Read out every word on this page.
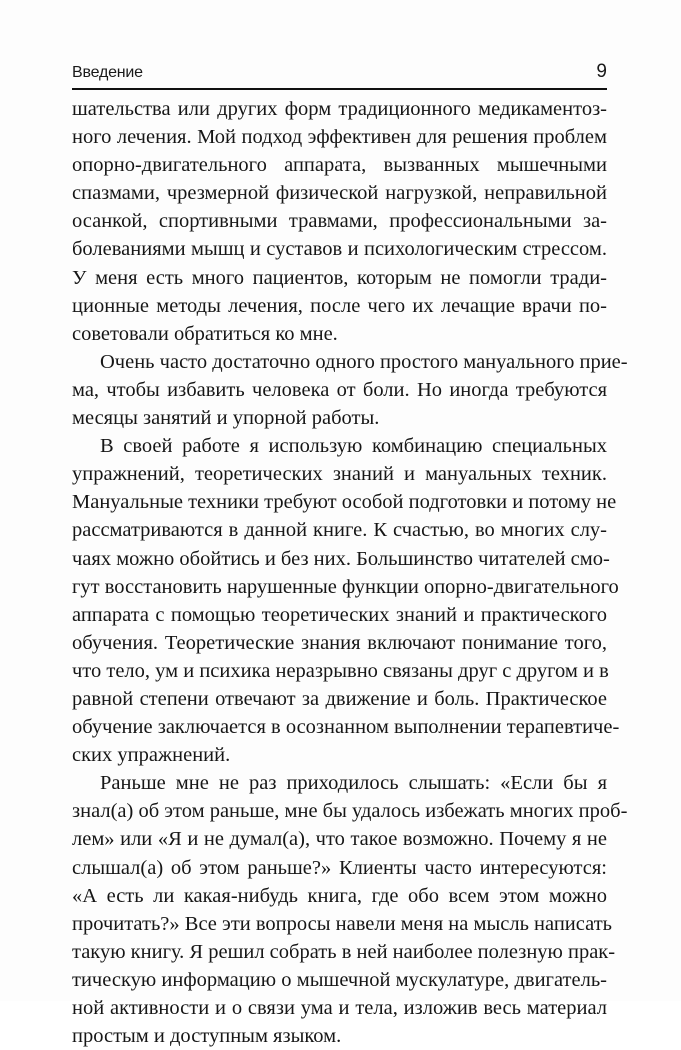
Введение	9
шательства или других форм традиционного медикаментоз-
ного лечения. Мой подход эффективен для решения проблем
опорно-двигательного аппарата, вызванных мышечными
спазмами, чрезмерной физической нагрузкой, неправильной
осанкой, спортивными травмами, профессиональными за-
болеваниями мышц и суставов и психологическим стрессом.
У меня есть много пациентов, которым не помогли тради-
ционные методы лечения, после чего их лечащие врачи по-
советовали обратиться ко мне.
Очень часто достаточно одного простого мануального прие-
ма, чтобы избавить человека от боли. Но иногда требуются
месяцы занятий и упорной работы.
В своей работе я использую комбинацию специальных
упражнений, теоретических знаний и мануальных техник.
Мануальные техники требуют особой подготовки и потому не
рассматриваются в данной книге. К счастью, во многих слу-
чаях можно обойтись и без них. Большинство читателей смо-
гут восстановить нарушенные функции опорно-двигательного
аппарата с помощью теоретических знаний и практического
обучения. Теоретические знания включают понимание того,
что тело, ум и психика неразрывно связаны друг с другом и в
равной степени отвечают за движение и боль. Практическое
обучение заключается в осознанном выполнении терапевтиче-
ских упражнений.
Раньше мне не раз приходилось слышать: «Если бы я
знал(а) об этом раньше, мне бы удалось избежать многих проб-
лем» или «Я и не думал(а), что такое возможно. Почему я не
слышал(а) об этом раньше?» Клиенты часто интересуются:
«А есть ли какая-нибудь книга, где обо всем этом можно
прочитать?» Все эти вопросы навели меня на мысль написать
такую книгу. Я решил собрать в ней наиболее полезную прак-
тическую информацию о мышечной мускулатуре, двигатель-
ной активности и о связи ума и тела, изложив весь материал
простым и доступным языком.
